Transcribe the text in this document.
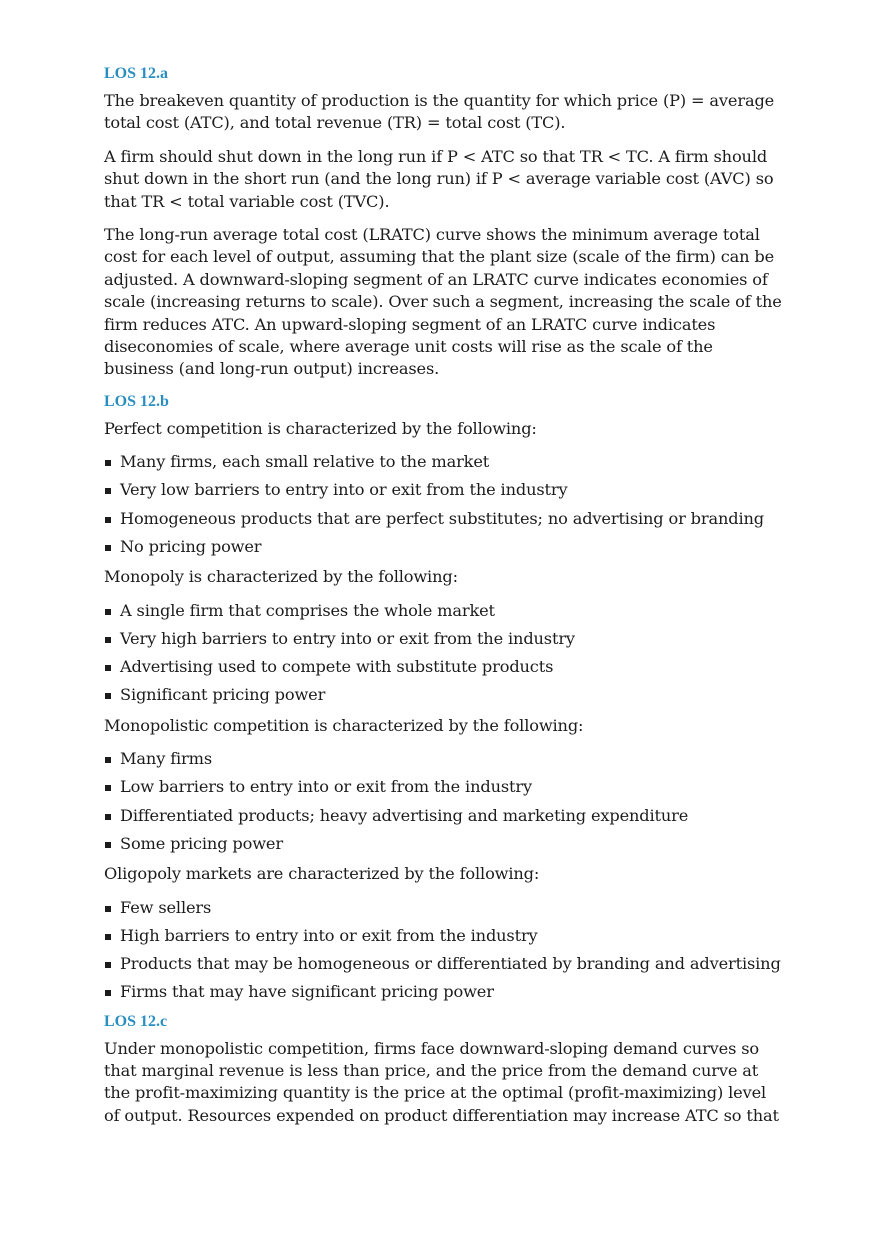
LOS 12.a

The breakeven quantity of production is the quantity for which price (P) = average total cost (ATC), and total revenue (TR) = total cost (TC).

A firm should shut down in the long run if P < ATC so that TR < TC. A firm should shut down in the short run (and the long run) if P < average variable cost (AVC) so that TR < total variable cost (TVC).

The long-run average total cost (LRATC) curve shows the minimum average total cost for each level of output, assuming that the plant size (scale of the firm) can be adjusted. A downward-sloping segment of an LRATC curve indicates economies of scale (increasing returns to scale). Over such a segment, increasing the scale of the firm reduces ATC. An upward-sloping segment of an LRATC curve indicates diseconomies of scale, where average unit costs will rise as the scale of the business (and long-run output) increases.

LOS 12.b

Perfect competition is characterized by the following:

Many firms, each small relative to the market
Very low barriers to entry into or exit from the industry
Homogeneous products that are perfect substitutes; no advertising or branding
No pricing power

Monopoly is characterized by the following:

A single firm that comprises the whole market
Very high barriers to entry into or exit from the industry
Advertising used to compete with substitute products
Significant pricing power

Monopolistic competition is characterized by the following:

Many firms
Low barriers to entry into or exit from the industry
Differentiated products; heavy advertising and marketing expenditure
Some pricing power

Oligopoly markets are characterized by the following:

Few sellers
High barriers to entry into or exit from the industry
Products that may be homogeneous or differentiated by branding and advertising
Firms that may have significant pricing power
LOS 12.c

Under monopolistic competition, firms face downward-sloping demand curves so that marginal revenue is less than price, and the price from the demand curve at the profit-maximizing quantity is the price at the optimal (profit-maximizing) level of output. Resources expended on product differentiation may increase ATC so that
